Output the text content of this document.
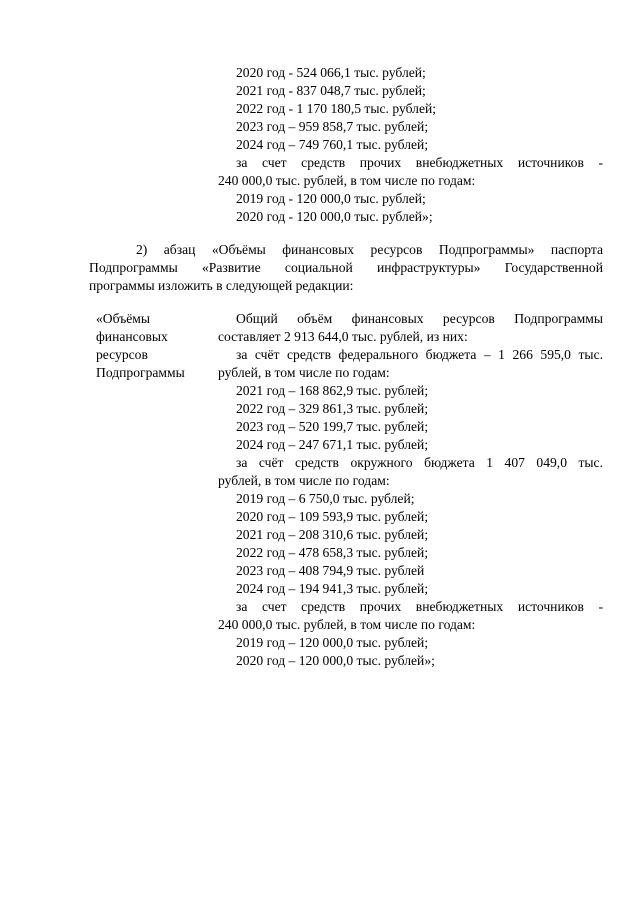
2020 год - 524 066,1 тыс. рублей;
2021 год - 837 048,7 тыс. рублей;
2022 год - 1 170 180,5 тыс. рублей;
2023 год – 959 858,7 тыс. рублей;
2024 год – 749 760,1 тыс. рублей;
за счет средств прочих внебюджетных источников -
240 000,0 тыс. рублей, в том числе по годам:
2019 год - 120 000,0 тыс. рублей;
2020 год - 120 000,0 тыс. рублей»;
2) абзац «Объёмы финансовых ресурсов Подпрограммы» паспорта
Подпрограммы «Развитие социальной инфраструктуры» Государственной
программы изложить в следующей редакции:
«Объёмы
финансовых
ресурсов
Подпрограммы
Общий объём финансовых ресурсов Подпрограммы
составляет 2 913 644,0 тыс. рублей, из них:
за счёт средств федерального бюджета – 1 266 595,0 тыс.
рублей, в том числе по годам:
2021 год – 168 862,9 тыс. рублей;
2022 год – 329 861,3 тыс. рублей;
2023 год – 520 199,7 тыс. рублей;
2024 год – 247 671,1 тыс. рублей;
за счёт средств окружного бюджета 1 407 049,0 тыс.
рублей, в том числе по годам:
2019 год – 6 750,0 тыс. рублей;
2020 год – 109 593,9 тыс. рублей;
2021 год – 208 310,6 тыс. рублей;
2022 год – 478 658,3 тыс. рублей;
2023 год – 408 794,9 тыс. рублей
2024 год – 194 941,3 тыс. рублей;
за счет средств прочих внебюджетных источников -
240 000,0 тыс. рублей, в том числе по годам:
2019 год – 120 000,0 тыс. рублей;
2020 год – 120 000,0 тыс. рублей»;
